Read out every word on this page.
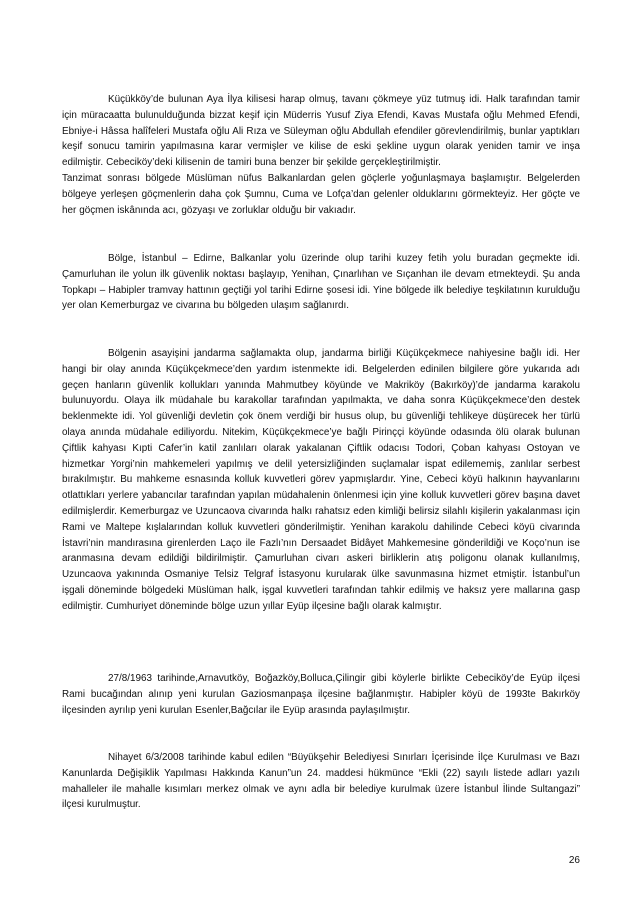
Küçükköy’de bulunan Aya İlya kilisesi harap olmuş, tavanı çökmeye yüz tutmuş idi. Halk tarafından tamir için müracaatta bulunulduğunda bizzat keşif için Müderris Yusuf Ziya Efendi, Kavas Mustafa oğlu Mehmed Efendi, Ebniye-i Hâssa halîfeleri Mustafa oğlu Ali Rıza ve Süleyman oğlu Abdullah efendiler görevlendirilmiş, bunlar yaptıkları keşif sonucu tamirin yapılmasına karar vermişler ve kilise de eski şekline uygun olarak yeniden tamir ve inşa edilmiştir. Cebeciköy’deki kilisenin de tamiri buna benzer bir şekilde gerçekleştirilmiştir.

Tanzimat sonrası bölgede Müslüman nüfus Balkanlardan gelen göçlerle yoğunlaşmaya başlamıştır. Belgelerden bölgeye yerleşen göçmenlerin daha çok Şumnu, Cuma ve Lofça’dan gelenler olduklarını görmekteyiz. Her göçte ve her göçmen iskânında acı, gözyaşı ve zorluklar olduğu bir vakıadır.

Bölge, İstanbul – Edirne, Balkanlar yolu üzerinde olup tarihi kuzey fetih yolu buradan geçmekte idi. Çamurluhan ile yolun ilk güvenlik noktası başlayıp, Yenihan, Çınarlıhan ve Sıçanhan ile devam etmekteydi. Şu anda Topkapı – Habipler tramvay hattının geçtiği yol tarihi Edirne şosesi idi. Yine bölgede ilk belediye teşkilatının kurulduğu yer olan Kemerburgaz ve civarına bu bölgeden ulaşım sağlanırdı.

Bölgenin asayişini jandarma sağlamakta olup, jandarma birliği Küçükçekmece nahiyesine bağlı idi. Her hangi bir olay anında Küçükçekmece’den yardım istenmekte idi. Belgelerden edinilen bilgilere göre yukarıda adı geçen hanların güvenlik kollukları yanında Mahmutbey köyünde ve Makriköy (Bakırköy)’de jandarma karakolu bulunuyordu. Olaya ilk müdahale bu karakollar tarafından yapılmakta, ve daha sonra Küçükçekmece’den destek beklenmekte idi. Yol güvenliği devletin çok önem verdiği bir husus olup, bu güvenliği tehlikeye düşürecek her türlü olaya anında müdahale ediliyordu. Nitekim, Küçükçekmece’ye bağlı Pirinççi köyünde odasında ölü olarak bulunan Çiftlik kahyası Kıpti Cafer’in katil zanlıları olarak yakalanan Çiftlik odacısı Todori, Çoban kahyası Ostoyan ve hizmetkar Yorgi’nin mahkemeleri yapılmış ve delil yetersizliğinden suçlamalar ispat edilememiş, zanlılar serbest bırakılmıştır. Bu mahkeme esnasında kolluk kuvvetleri görev yapmışlardır. Yine, Cebeci köyü halkının hayvanlarını otlattıkları yerlere yabancılar tarafından yapılan müdahalenin önlenmesi için yine kolluk kuvvetleri görev başına davet edilmişlerdir. Kemerburgaz ve Uzuncaova civarında halkı rahatsız eden kimliği belirsiz silahlı kişilerin yakalanması için Rami ve Maltepe kışlalarından kolluk kuvvetleri gönderilmiştir. Yenihan karakolu dahilinde Cebeci köyü civarında İstavri’nin mandırasına girenlerden Laço ile Fazlı’nın Dersaadet Bidâyet Mahkemesine gönderildiği ve Koço’nun ise aranmasına devam edildiği bildirilmiştir. Çamurluhan civarı askeri birliklerin atış poligonu olanak kullanılmış, Uzuncaova yakınında Osmaniye Telsiz Telgraf İstasyonu kurularak ülke savunmasına hizmet etmiştir. İstanbul’un işgali döneminde bölgedeki Müslüman halk, işgal kuvvetleri tarafından tahkir edilmiş ve haksız yere mallarına gasp edilmiştir. Cumhuriyet döneminde bölge uzun yıllar Eyüp ilçesine bağlı olarak kalmıştır.

27/8/1963 tarihinde,Arnavutköy, Boğazköy,Bolluca,Çilingir gibi köylerle birlikte Cebeciköy’de Eyüp ilçesi Rami bucağından alınıp yeni kurulan Gaziosmanpaşa ilçesine bağlanmıştır. Habipler köyü de 1993te Bakırköy ilçesinden ayrılıp yeni kurulan Esenler,Bağcılar ile Eyüp arasında paylaşılmıştır.

Nihayet 6/3/2008 tarihinde kabul edilen “Büyükşehir Belediyesi Sınırları İçerisinde İlçe Kurulması ve Bazı Kanunlarda Değişiklik Yapılması Hakkında Kanun”un 24. maddesi hükmünce “Ekli (22) sayılı listede adları yazılı mahalleler ile mahalle kısımları merkez olmak ve aynı adla bir belediye kurulmak üzere İstanbul İlinde Sultangazi” ilçesi kurulmuştur.

26
